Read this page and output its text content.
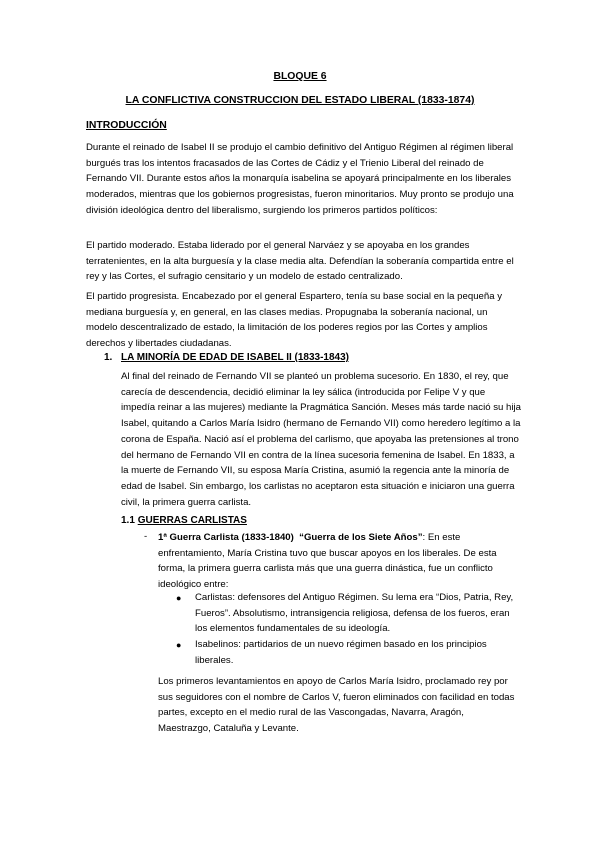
BLOQUE 6
LA CONFLICTIVA CONSTRUCCION DEL ESTADO LIBERAL (1833-1874)
INTRODUCCIÓN
Durante el reinado de Isabel II se produjo el cambio definitivo del Antiguo Régimen al régimen liberal burgués tras los intentos fracasados de las Cortes de Cádiz y el Trienio Liberal del reinado de Fernando VII. Durante estos años la monarquía isabelina se apoyará principalmente en los liberales moderados, mientras que los gobiernos progresistas, fueron minoritarios. Muy pronto se produjo una división ideológica dentro del liberalismo, surgiendo los primeros partidos políticos:
El partido moderado. Estaba liderado por el general Narváez y se apoyaba en los grandes terratenientes, en la alta burguesía y la clase media alta. Defendían la soberanía compartida entre el rey y las Cortes, el sufragio censitario y un modelo de estado centralizado.
El partido progresista. Encabezado por el general Espartero, tenía su base social en la pequeña y mediana burguesía y, en general, en las clases medias. Propugnaba la soberanía nacional, un modelo descentralizado de estado, la limitación de los poderes regios por las Cortes y amplios derechos y libertades ciudadanas.
1. LA MINORÍA DE EDAD DE ISABEL II (1833-1843)
Al final del reinado de Fernando VII se planteó un problema sucesorio. En 1830, el rey, que carecía de descendencia, decidió eliminar la ley sálica (introducida por Felipe V y que impedía reinar a las mujeres) mediante la Pragmática Sanción. Meses más tarde nació su hija Isabel, quitando a Carlos María Isidro (hermano de Fernando VII) como heredero legítimo a la corona de España. Nació así el problema del carlismo, que apoyaba las pretensiones al trono del hermano de Fernando VII en contra de la línea sucesoria femenina de Isabel. En 1833, a la muerte de Fernando VII, su esposa María Cristina, asumió la regencia ante la minoría de edad de Isabel. Sin embargo, los carlistas no aceptaron esta situación e iniciaron una guerra civil, la primera guerra carlista.
1.1 GUERRAS CARLISTAS
- 1ª Guerra Carlista (1833-1840) “Guerra de los Siete Años”: En este enfrentamiento, María Cristina tuvo que buscar apoyos en los liberales. De esta forma, la primera guerra carlista más que una guerra dinástica, fue un conflicto ideológico entre:
● Carlistas: defensores del Antiguo Régimen. Su lema era “Dios, Patria, Rey, Fueros”. Absolutismo, intransigencia religiosa, defensa de los fueros, eran los elementos fundamentales de su ideología.
● Isabelinos: partidarios de un nuevo régimen basado en los principios liberales.
Los primeros levantamientos en apoyo de Carlos María Isidro, proclamado rey por sus seguidores con el nombre de Carlos V, fueron eliminados con facilidad en todas partes, excepto en el medio rural de las Vascongadas, Navarra, Aragón, Maestrazgo, Cataluña y Levante.
